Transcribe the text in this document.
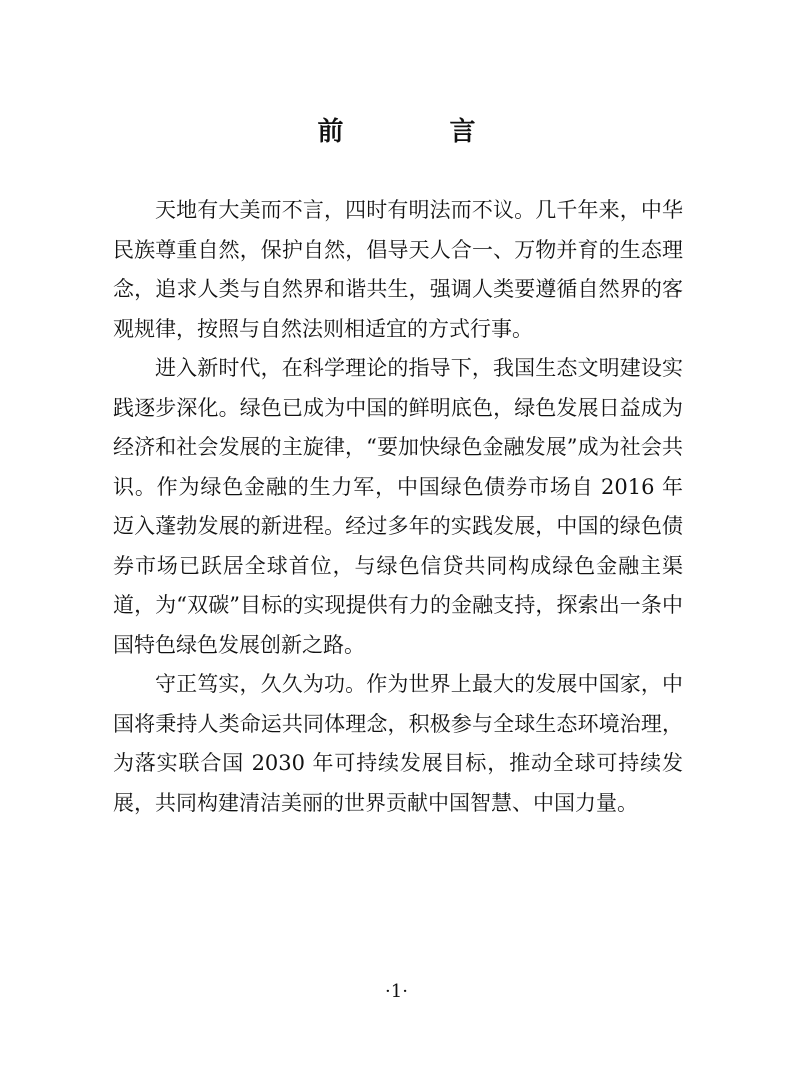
前　言

天地有大美而不言，四时有明法而不议。几千年来，中华民族尊重自然，保护自然，倡导天人合一、万物并育的生态理念，追求人类与自然界和谐共生，强调人类要遵循自然界的客观规律，按照与自然法则相适宜的方式行事。

进入新时代，在科学理论的指导下，我国生态文明建设实践逐步深化。绿色已成为中国的鲜明底色，绿色发展日益成为经济和社会发展的主旋律，“要加快绿色金融发展”成为社会共识。作为绿色金融的生力军，中国绿色债券市场自 2016 年迈入蓬勃发展的新进程。经过多年的实践发展，中国的绿色债券市场已跃居全球首位，与绿色信贷共同构成绿色金融主渠道，为“双碳”目标的实现提供有力的金融支持，探索出一条中国特色绿色发展创新之路。

守正笃实，久久为功。作为世界上最大的发展中国家，中国将秉持人类命运共同体理念，积极参与全球生态环境治理，为落实联合国 2030 年可持续发展目标，推动全球可持续发展，共同构建清洁美丽的世界贡献中国智慧、中国力量。

·1·
